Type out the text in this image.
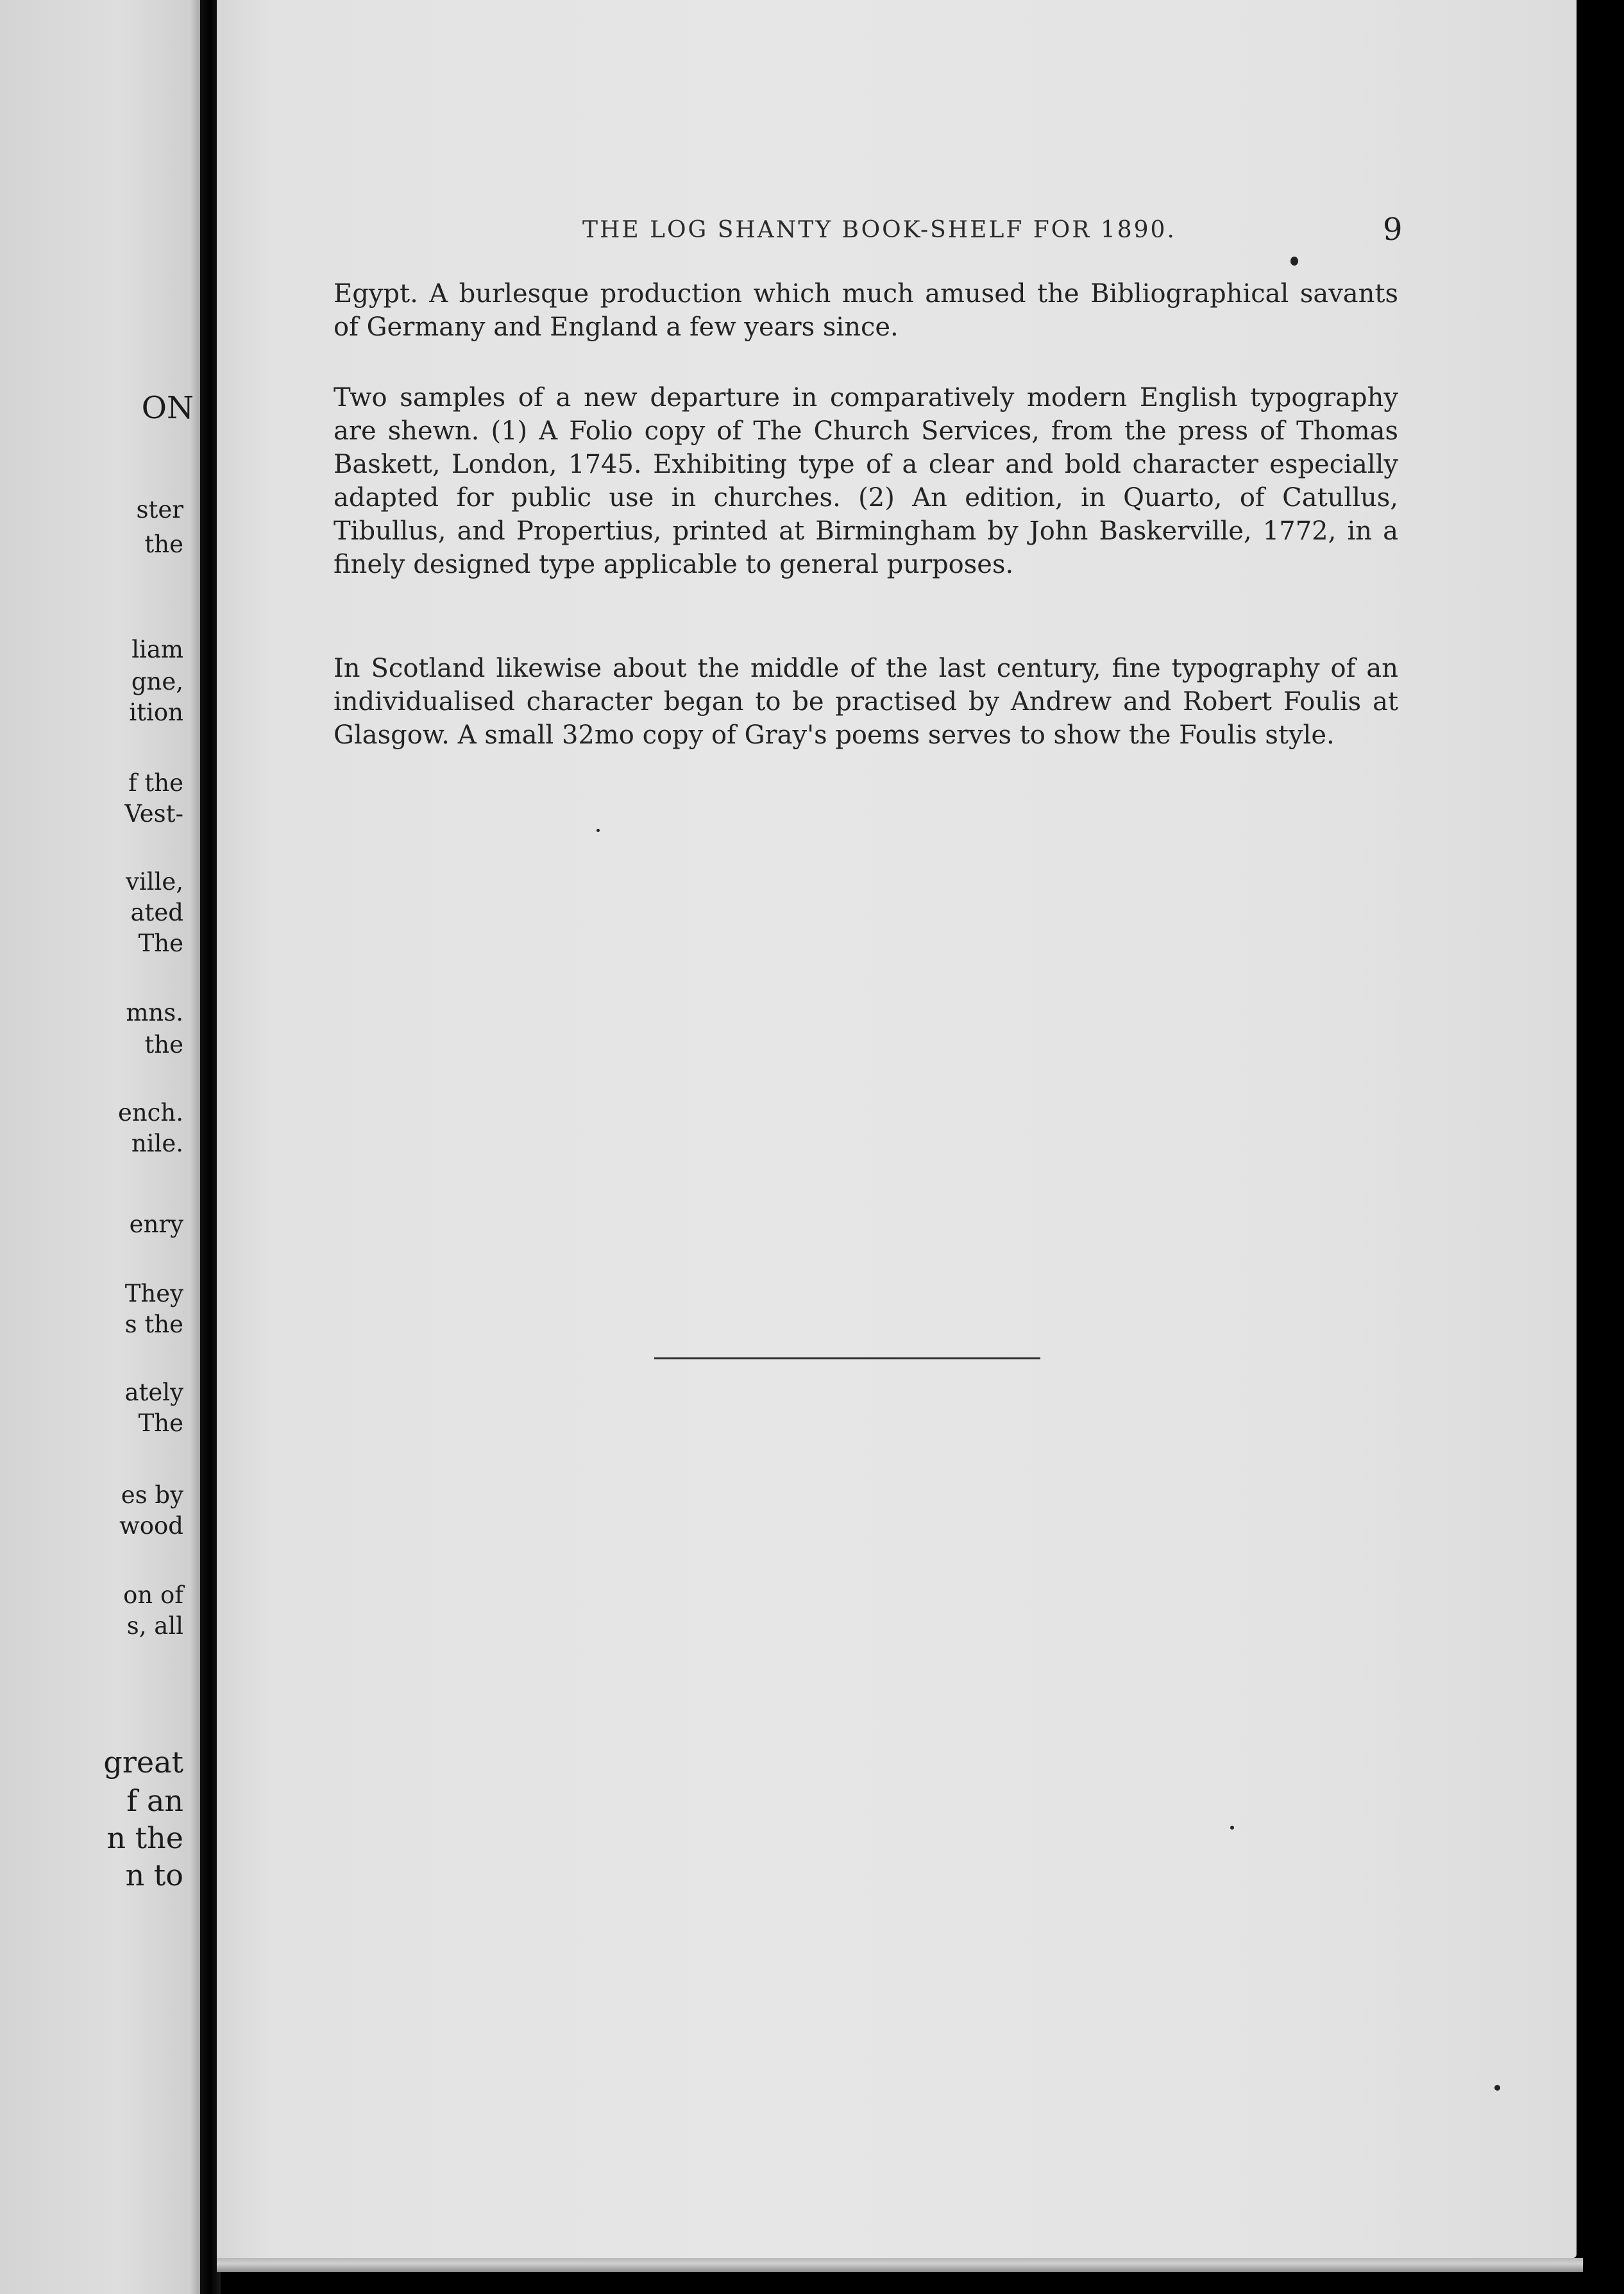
ON
ster
the
liam
gne,
ition
f the
Vest-
ville,
ated
The
mns.
the
ench.
nile.
enry
They
s the
ately
The
es by
wood
on of
s, all
great
f an
n the
n to
THE LOG SHANTY BOOK-SHELF FOR 1890.	9

Egypt. A burlesque production which much amused the Bibliographical savants of Germany and England a few years since.

Two samples of a new departure in comparatively modern English typography are shewn. (1) A Folio copy of The Church Services, from the press of Thomas Baskett, London, 1745. Exhibiting type of a clear and bold character especially adapted for public use in churches. (2) An edition, in Quarto, of Catullus, Tibullus, and Propertius, printed at Birmingham by John Baskerville, 1772, in a finely designed type applicable to general purposes.

In Scotland likewise about the middle of the last century, fine typography of an individualised character began to be practised by Andrew and Robert Foulis at Glasgow. A small 32mo copy of Gray's poems serves to show the Foulis style.
